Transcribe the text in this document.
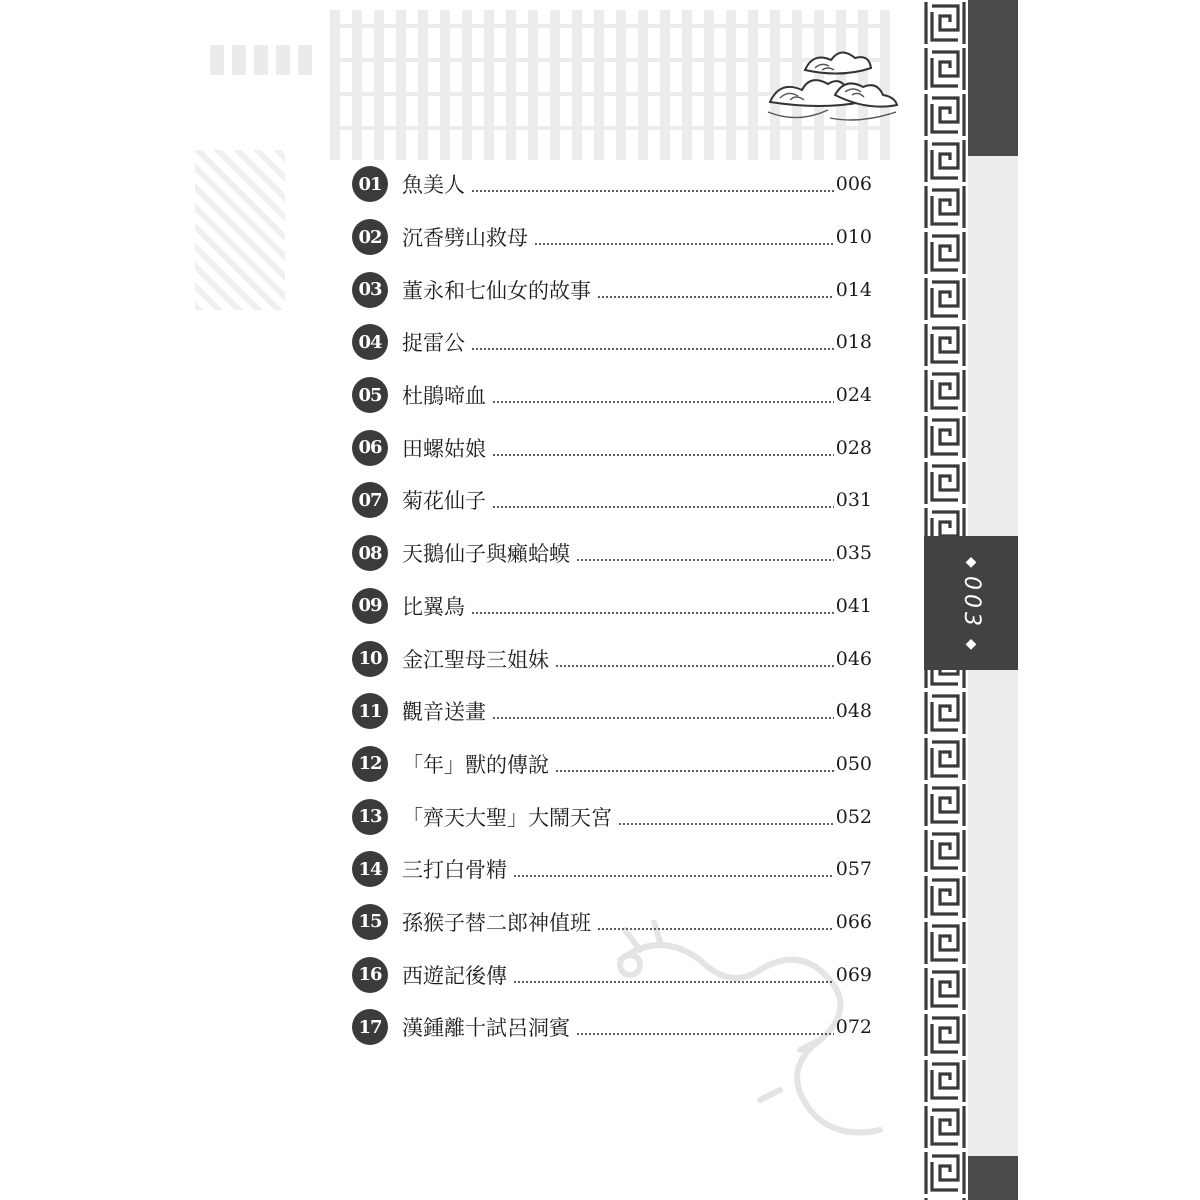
01 魚美人	006
02 沉香劈山救母	010
03 董永和七仙女的故事	014
04 捉雷公	018
05 杜鵑啼血	024
06 田螺姑娘	028
07 菊花仙子	031
08 天鵝仙子與癩蛤蟆	035
09 比翼鳥	041
10 金江聖母三姐妹	046
11 觀音送畫	048
12 「年」獸的傳說	050
13 「齊天大聖」大鬧天宮	052
14 三打白骨精	057
15 孫猴子替二郎神值班	066
16 西遊記後傳	069
17 漢鍾離十試呂洞賓	072
◆
003
◆
